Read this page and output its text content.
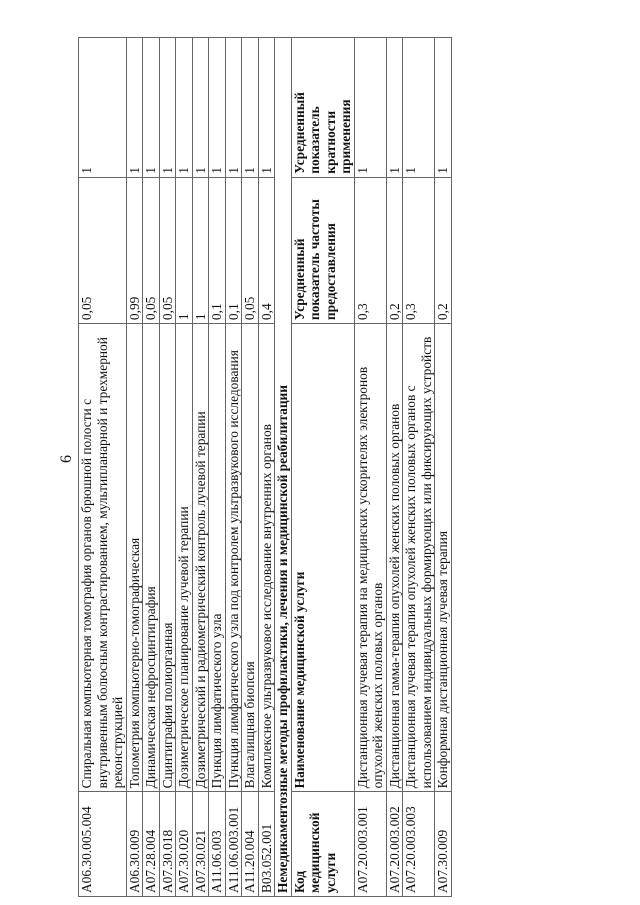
6
A06.30.005.004	Спиральная компьютерная томография органов брюшной полости с внутривенным болюсным контрастированием, мультипланарной и трехмерной реконструкцией	0,05	1
A06.30.009	Топометрия компьютерно-томографическая	0,99	1
A07.28.004	Динамическая нефросцинтиграфия	0,05	1
A07.30.018	Сцинтиграфия полиорганная	0,05	1
A07.30.020	Дозиметрическое планирование лучевой терапии	1	1
A07.30.021	Дозиметрический и радиометрический контроль лучевой терапии	1	1
A11.06.003	Пункция лимфатического узла	0,1	1
A11.06.003.001	Пункция лимфатического узла под контролем ультразвукового исследования	0,1	1
A11.20.004	Влагалищная биопсия	0,05	1
B03.052.001	Комплексное ультразвуковое исследование внутренних органов	0,4	1
Немедикаментозные методы профилактики, лечения и медицинской реабилитации			
Код медицинской услуги	Наименование медицинской услуги	Усредненный показатель частоты предоставления	Усредненный показатель кратности применения
A07.20.003.001	Дистанционная лучевая терапия на медицинских ускорителях электронов опухолей женских половых органов	0,3	1
A07.20.003.002	Дистанционная гамма-терапия опухолей женских половых органов	0,2	1
A07.20.003.003	Дистанционная лучевая терапия опухолей женских половых органов с использованием индивидуальных формирующих или фиксирующих устройств	0,3	1
A07.30.009	Конформная дистанционная лучевая терапия	0,2	1
